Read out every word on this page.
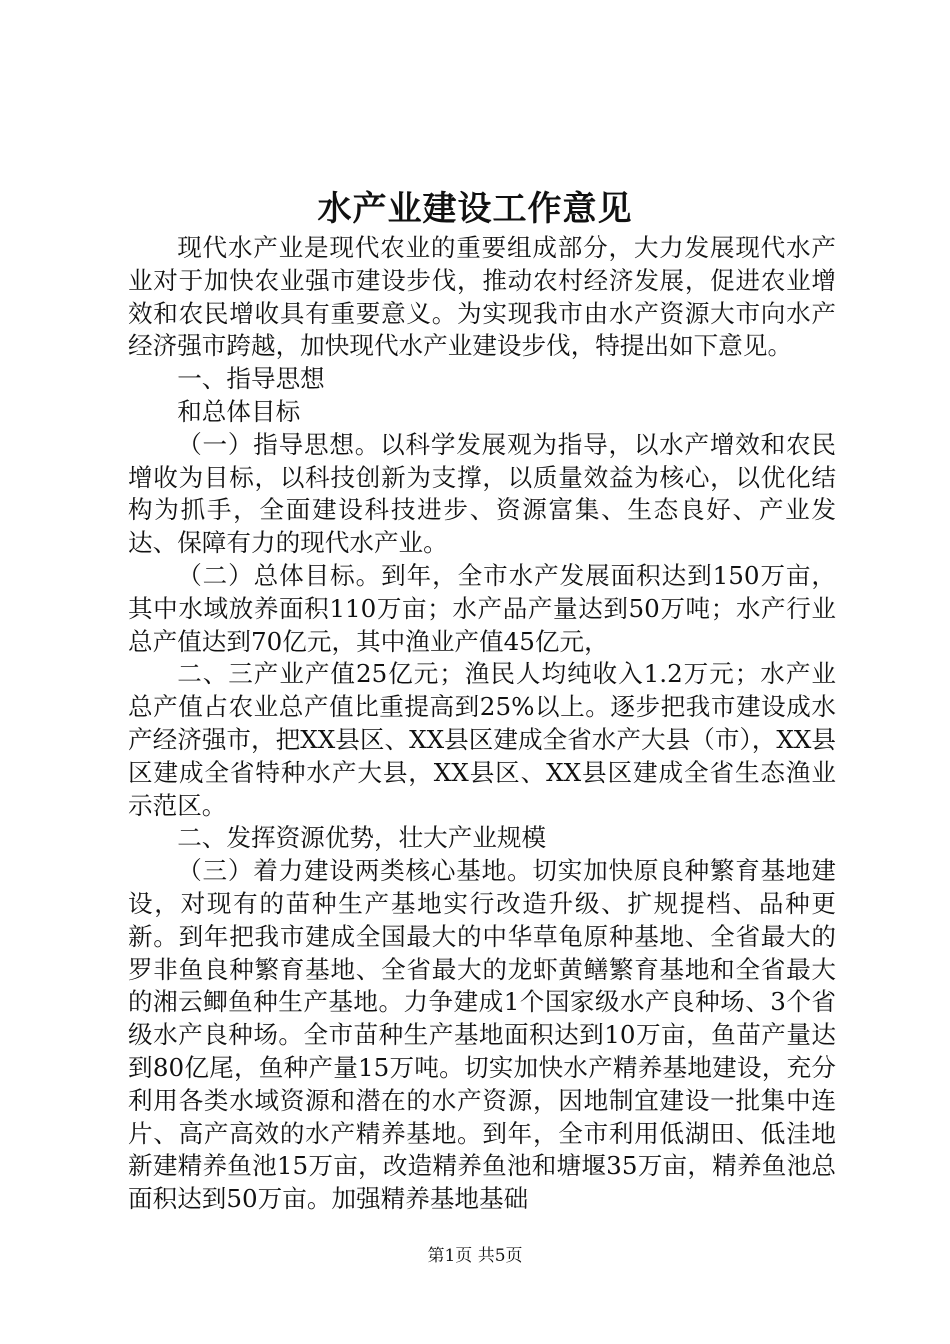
水产业建设工作意见

现代水产业是现代农业的重要组成部分，大力发展现代水产业对于加快农业强市建设步伐，推动农村经济发展，促进农业增效和农民增收具有重要意义。为实现我市由水产资源大市向水产经济强市跨越，加快现代水产业建设步伐，特提出如下意见。

一、指导思想

和总体目标

（一）指导思想。以科学发展观为指导，以水产增效和农民增收为目标，以科技创新为支撑，以质量效益为核心，以优化结构为抓手，全面建设科技进步、资源富集、生态良好、产业发达、保障有力的现代水产业。

（二）总体目标。到年，全市水产发展面积达到150万亩，其中水域放养面积110万亩；水产品产量达到50万吨；水产行业总产值达到70亿元，其中渔业产值45亿元，

二、三产业产值25亿元；渔民人均纯收入1.2万元；水产业总产值占农业总产值比重提高到25%以上。逐步把我市建设成水产经济强市，把XX县区、XX县区建成全省水产大县（市），XX县区建成全省特种水产大县，XX县区、XX县区建成全省生态渔业示范区。

二、发挥资源优势，壮大产业规模

（三）着力建设两类核心基地。切实加快原良种繁育基地建设，对现有的苗种生产基地实行改造升级、扩规提档、品种更新。到年把我市建成全国最大的中华草龟原种基地、全省最大的罗非鱼良种繁育基地、全省最大的龙虾黄鳝繁育基地和全省最大的湘云鲫鱼种生产基地。力争建成1个国家级水产良种场、3个省级水产良种场。全市苗种生产基地面积达到10万亩，鱼苗产量达到80亿尾，鱼种产量15万吨。切实加快水产精养基地建设，充分利用各类水域资源和潜在的水产资源，因地制宜建设一批集中连片、高产高效的水产精养基地。到年，全市利用低湖田、低洼地新建精养鱼池15万亩，改造精养鱼池和塘堰35万亩，精养鱼池总面积达到50万亩。加强精养基地基础

第1页 共5页
